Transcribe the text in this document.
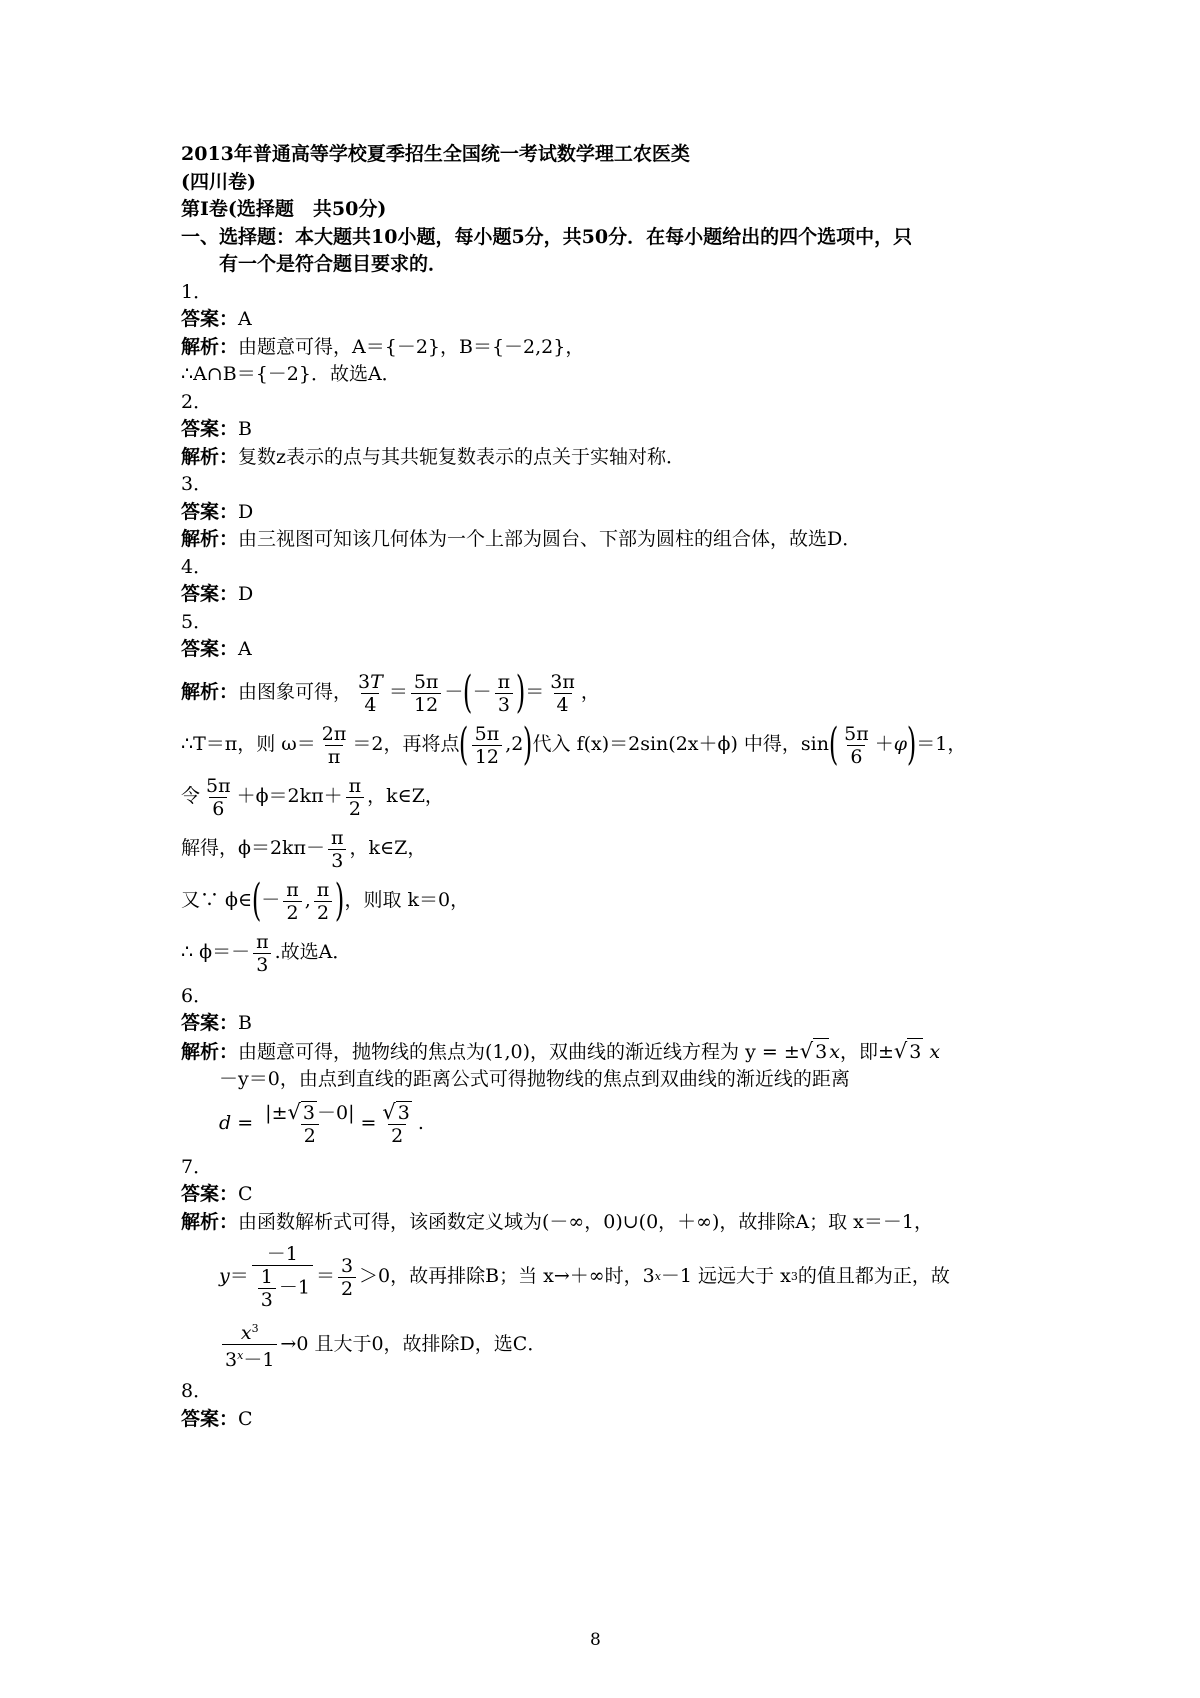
2013年普通高等学校夏季招生全国统一考试数学理工农医类
(四川卷)
第Ⅰ卷(选择题　共50分)
一、选择题：本大题共10小题，每小题5分，共50分．在每小题给出的四个选项中，只
有一个是符合题目要求的．
1．
答案：A
解析：由题意可得，A＝{－2}，B＝{－2,2}，
∴A∩B＝{－2}．故选A．
2．
答案：B
解析：复数z表示的点与其共轭复数表示的点关于实轴对称．
3．
答案：D
解析：由三视图可知该几何体为一个上部为圆台、下部为圆柱的组合体，故选D．
4．
答案：D
5．
答案：A
解析： 由图象可得， $\frac{3T}{4} = \frac{5\pi}{12}$ － ( － $\frac{\pi}{3}$ ) ＝ $\frac{3\pi}{4}$ ，
∴T＝π，则 $\omega= \frac{2\pi}{\pi} =2$，再将点 ( $\frac{5\pi}{12} ,2$ ) 代入 f(x)＝2sin(2x＋ϕ) 中得，sin ( $\frac{5\pi}{6} +\varphi$ ) ＝1，
令 $\frac{5\pi}{6} +\phi=2k\pi+ \frac{\pi}{2}$ ，k∈Z，
解得，$\phi=2k\pi- \frac{\pi}{3}$ ，k∈Z，
又∵ ϕ∈ ( － $\frac{\pi}{2}$ , $\frac{\pi}{2}$ ) ，则取 k＝0，
∴ $\phi=- \frac{\pi}{3}$ .故选A．
6．
答案：B
解析：由题意可得，抛物线的焦点为(1,0)，双曲线的渐近线方程为 y = ±√ 3 x，即±√ 3 x
－y＝0，由点到直线的距离公式可得抛物线的焦点到双曲线的渐近线的距离
$d = \frac{|\pm√ 3 -0|}{2} = \frac{√ 3}{2}$ .
7．
答案：C
解析：由函数解析式可得，该函数定义域为(－∞，0)∪(0，＋∞)，故排除A；取 x＝－1，
$y = \frac{-1}{\frac{1}{3} -1} = \frac{3}{2} >0$，故再排除B；当 x→＋∞时，3 x －1 远远大于 x 3 的值且都为正，故
$\frac{x^3}{3^x-1} \to 0$ 且大于0，故排除D，选C．
8．
答案：C
8
